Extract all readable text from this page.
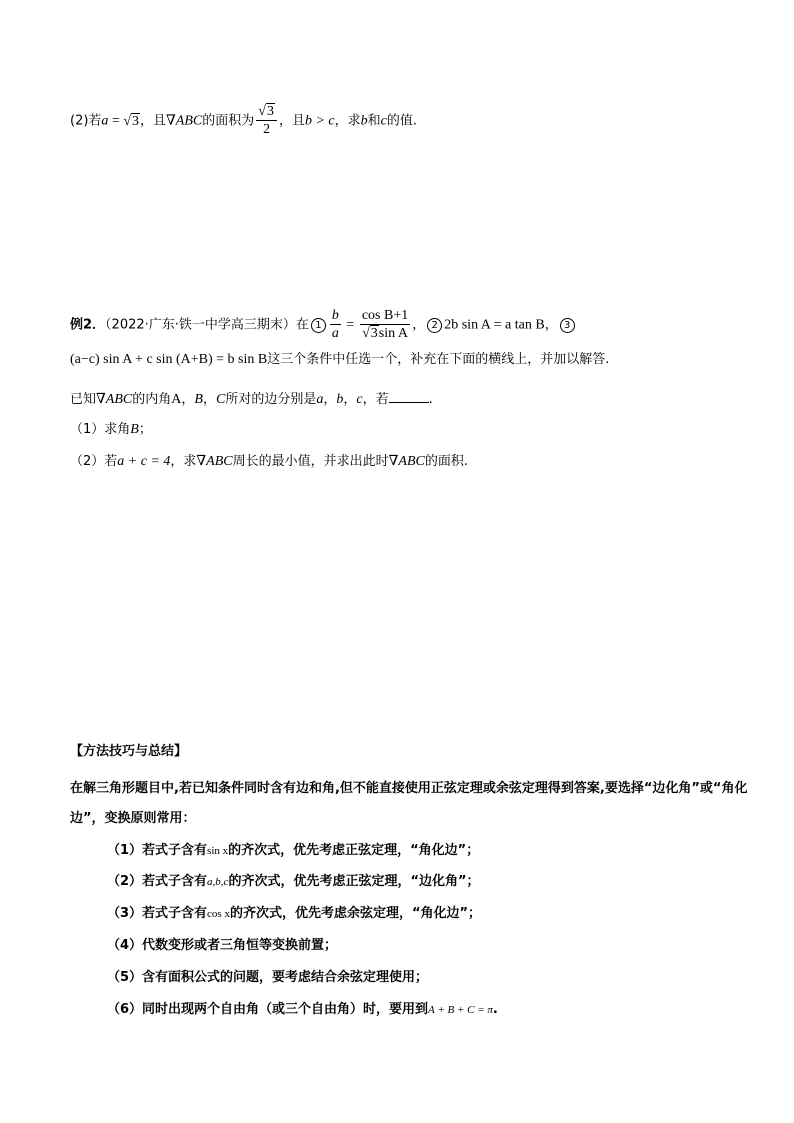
(2)若a = √3，且∇ABC的面积为 $\frac{√3}{2}$ ，且b > c，求b和c的值.
例2．（2022·广东·铁一中学高三期末）在 $1 \frac{b}{a} = \frac{\text{cos B+1}}{\text{√3sin A}}$ ， 2 2b sin A = a tan B， 3
(a−c) sin A + c sin (A+B) = b sin B这三个条件中任选一个，补充在下面的横线上，并加以解答.
已知∇ABC的内角A，B，C所对的边分别是a，b，c，若	.
（1）求角B；
（2）若a + c = 4，求∇ABC周长的最小值，并求出此时∇ABC的面积.
【方法技巧与总结】
在解三角形题目中,若已知条件同时含有边和角,但不能直接使用正弦定理或余弦定理得到答案,要选择“边化角”或“角化边”，变换原则常用：
（1）若式子含有sin x的齐次式，优先考虑正弦定理，“角化边”；
（2）若式子含有a,b,c的齐次式，优先考虑正弦定理，“边化角”；
（3）若式子含有cos x的齐次式，优先考虑余弦定理，“角化边”；
（4）代数变形或者三角恒等变换前置；
（5）含有面积公式的问题，要考虑结合余弦定理使用；
（6）同时出现两个自由角（或三个自由角）时，要用到A + B + C = π.
